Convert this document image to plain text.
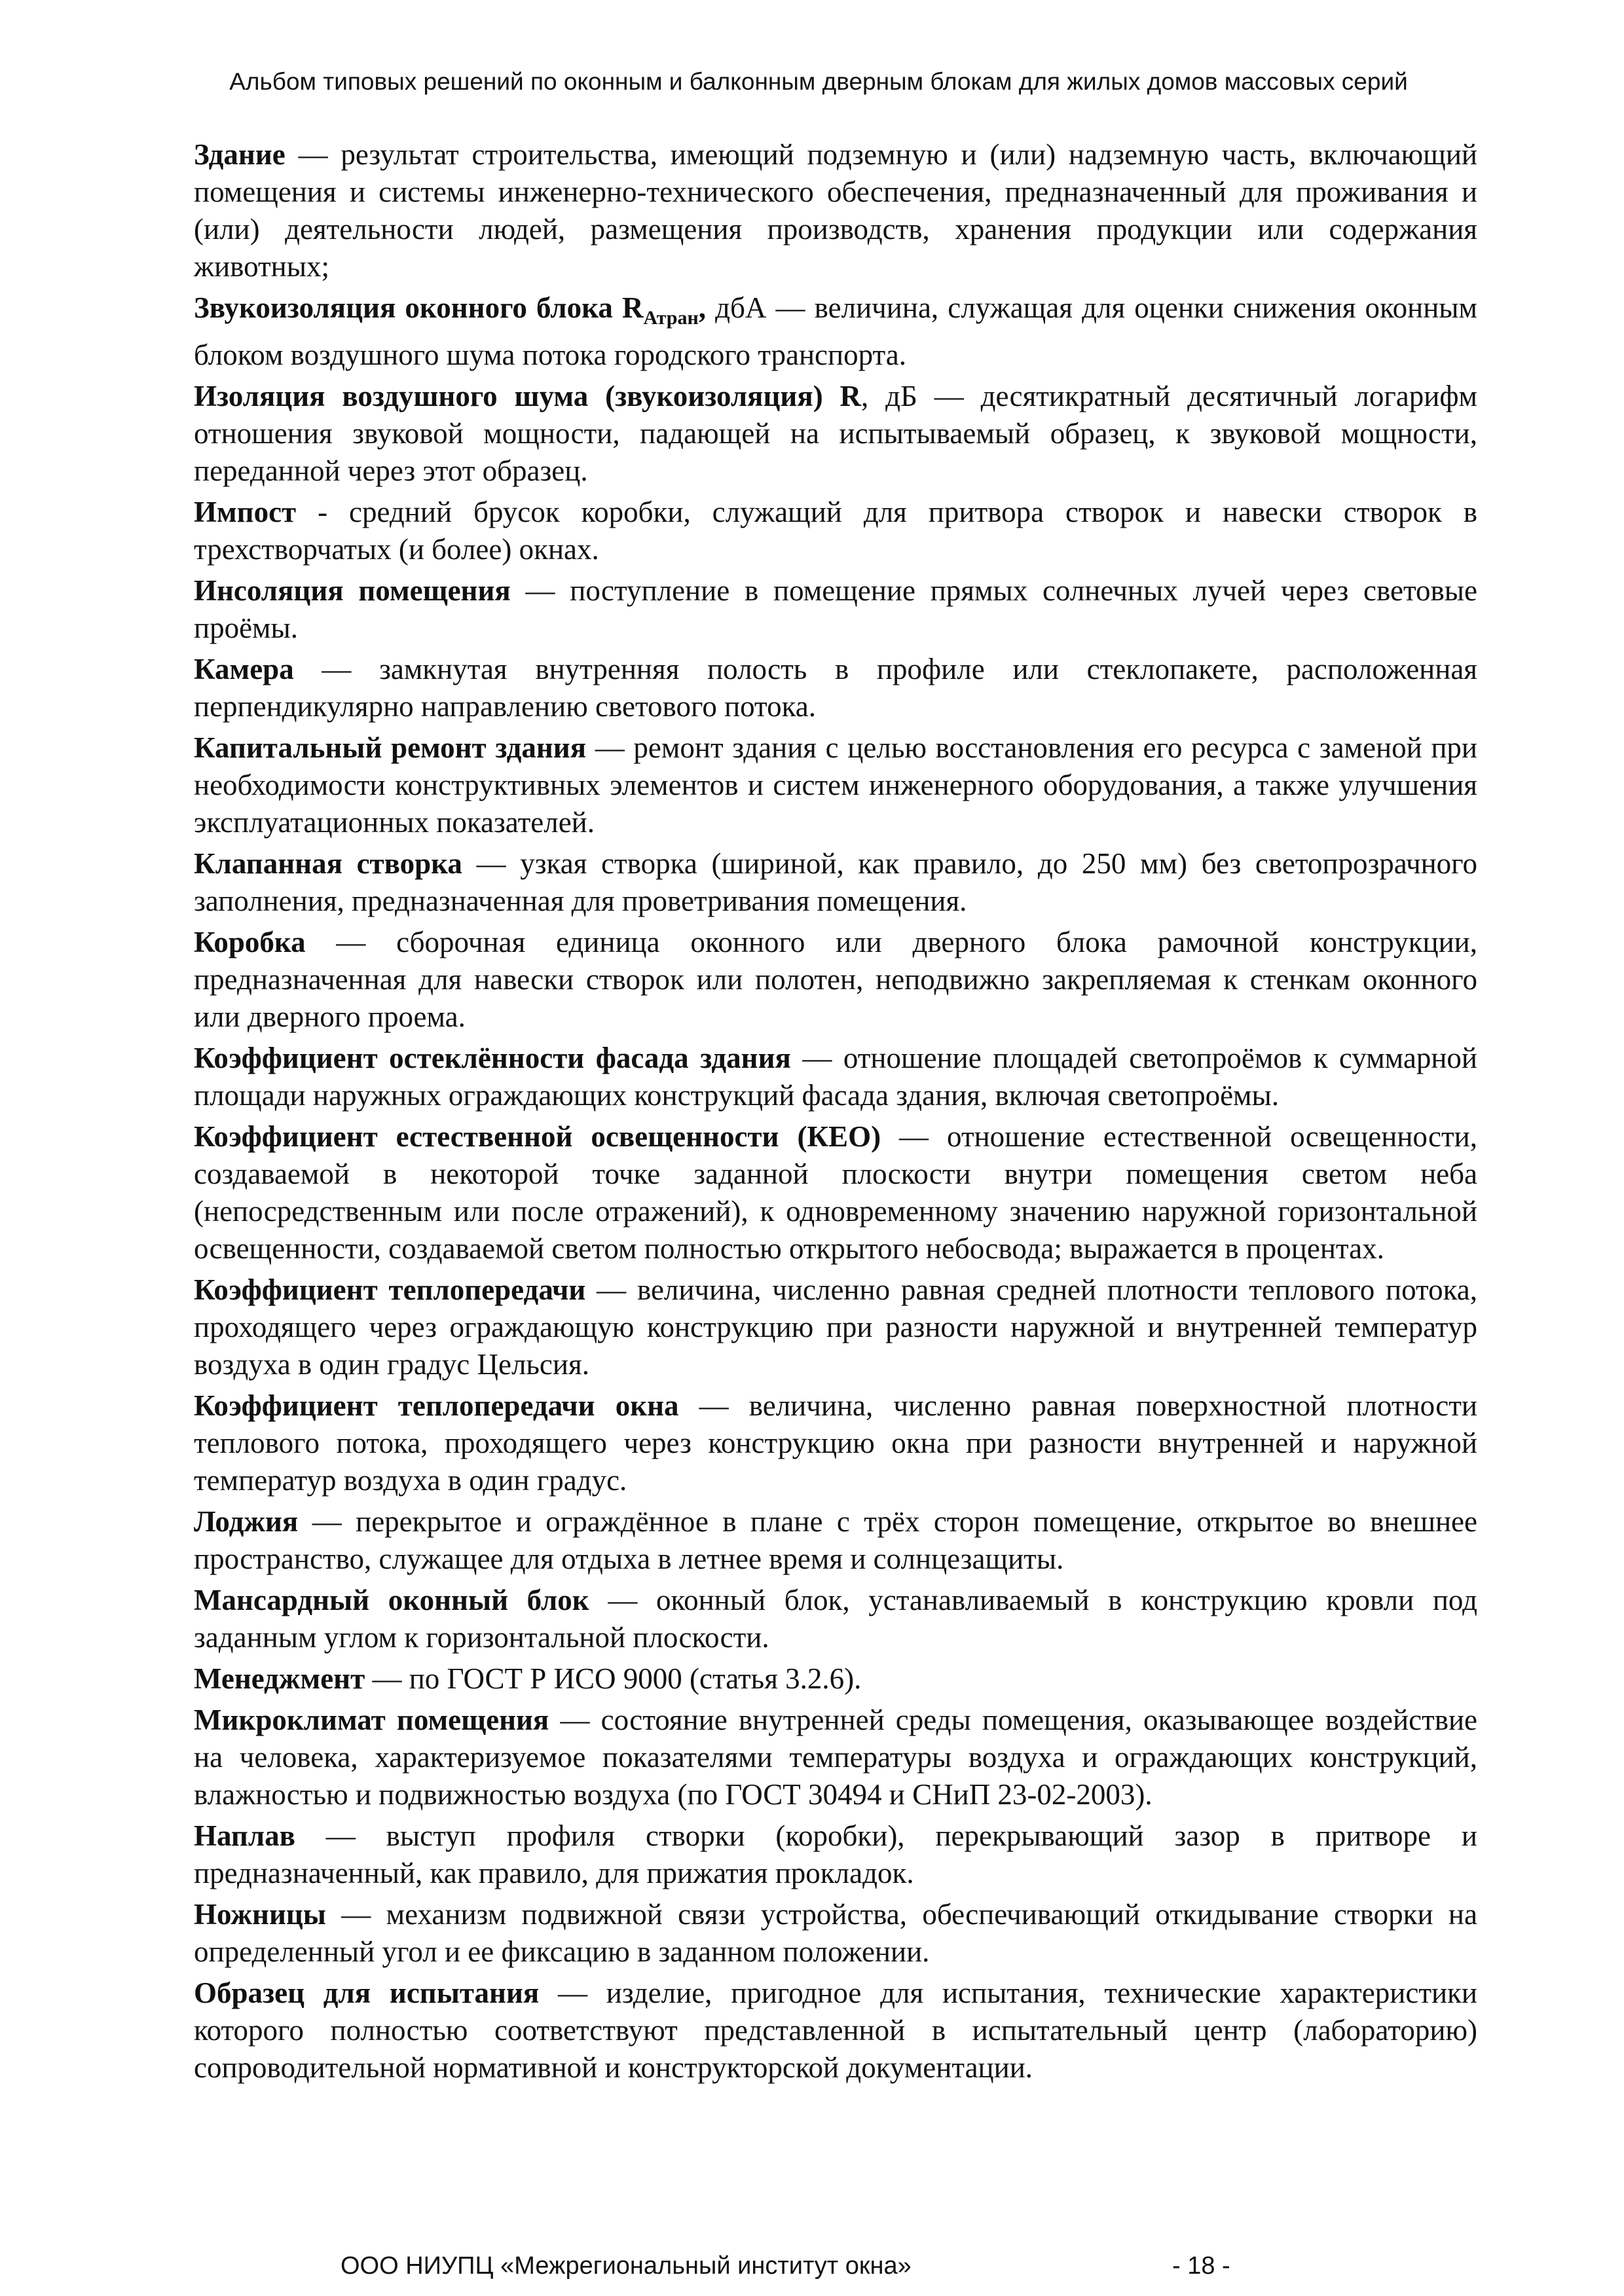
Альбом типовых решений по оконным и балконным дверным блокам для жилых домов массовых серий

Здание — результат строительства, имеющий подземную и (или) надземную часть, включающий помещения и системы инженерно-технического обеспечения, предназначенный для проживания и (или) деятельности людей, размещения производств, хранения продукции или содержания животных;

Звукоизоляция оконного блока $R_{Атран}$, дбА — величина, служащая для оценки снижения оконным блоком воздушного шума потока городского транспорта.

Изоляция воздушного шума (звукоизоляция) R, дБ — десятикратный десятичный логарифм отношения звуковой мощности, падающей на испытываемый образец, к звуковой мощности, переданной через этот образец.

Импост - средний брусок коробки, служащий для притвора створок и навески створок в трехстворчатых (и более) окнах.

Инсоляция помещения — поступление в помещение прямых солнечных лучей через световые проёмы.

Камера — замкнутая внутренняя полость в профиле или стеклопакете, расположенная перпендикулярно направлению светового потока.

Капитальный ремонт здания — ремонт здания с целью восстановления его ресурса с заменой при необходимости конструктивных элементов и систем инженерного оборудования, а также улучшения эксплуатационных показателей.

Клапанная створка — узкая створка (шириной, как правило, до 250 мм) без светопрозрачного заполнения, предназначенная для проветривания помещения.

Коробка — сборочная единица оконного или дверного блока рамочной конструкции, предназначенная для навески створок или полотен, неподвижно закрепляемая к стенкам оконного или дверного проема.

Коэффициент остеклённости фасада здания — отношение площадей светопроёмов к суммарной площади наружных ограждающих конструкций фасада здания, включая светопроёмы.

Коэффициент естественной освещенности (КЕО) — отношение естественной освещенности, создаваемой в некоторой точке заданной плоскости внутри помещения светом неба (непосредственным или после отражений), к одновременному значению наружной горизонтальной освещенности, создаваемой светом полностью открытого небосвода; выражается в процентах.

Коэффициент теплопередачи — величина, численно равная средней плотности теплового потока, проходящего через ограждающую конструкцию при разности наружной и внутренней температур воздуха в один градус Цельсия.

Коэффициент теплопередачи окна — величина, численно равная поверхностной плотности теплового потока, проходящего через конструкцию окна при разности внутренней и наружной температур воздуха в один градус.

Лоджия — перекрытое и ограждённое в плане с трёх сторон помещение, открытое во внешнее пространство, служащее для отдыха в летнее время и солнцезащиты.

Мансардный оконный блок — оконный блок, устанавливаемый в конструкцию кровли под заданным углом к горизонтальной плоскости.

Менеджмент — по ГОСТ Р ИСО 9000 (статья 3.2.6).

Микроклимат помещения — состояние внутренней среды помещения, оказывающее воздействие на человека, характеризуемое показателями температуры воздуха и ограждающих конструкций, влажностью и подвижностью воздуха (по ГОСТ 30494 и СНиП 23-02-2003).

Наплав — выступ профиля створки (коробки), перекрывающий зазор в притворе и предназначенный, как правило, для прижатия прокладок.

Ножницы — механизм подвижной связи устройства, обеспечивающий откидывание створки на определенный угол и ее фиксацию в заданном положении.

Образец для испытания — изделие, пригодное для испытания, технические характеристики которого полностью соответствуют представленной в испытательный центр (лабораторию) сопроводительной нормативной и конструкторской документации.

ООО НИУПЦ «Межрегиональный институт окна»	- 18 -
